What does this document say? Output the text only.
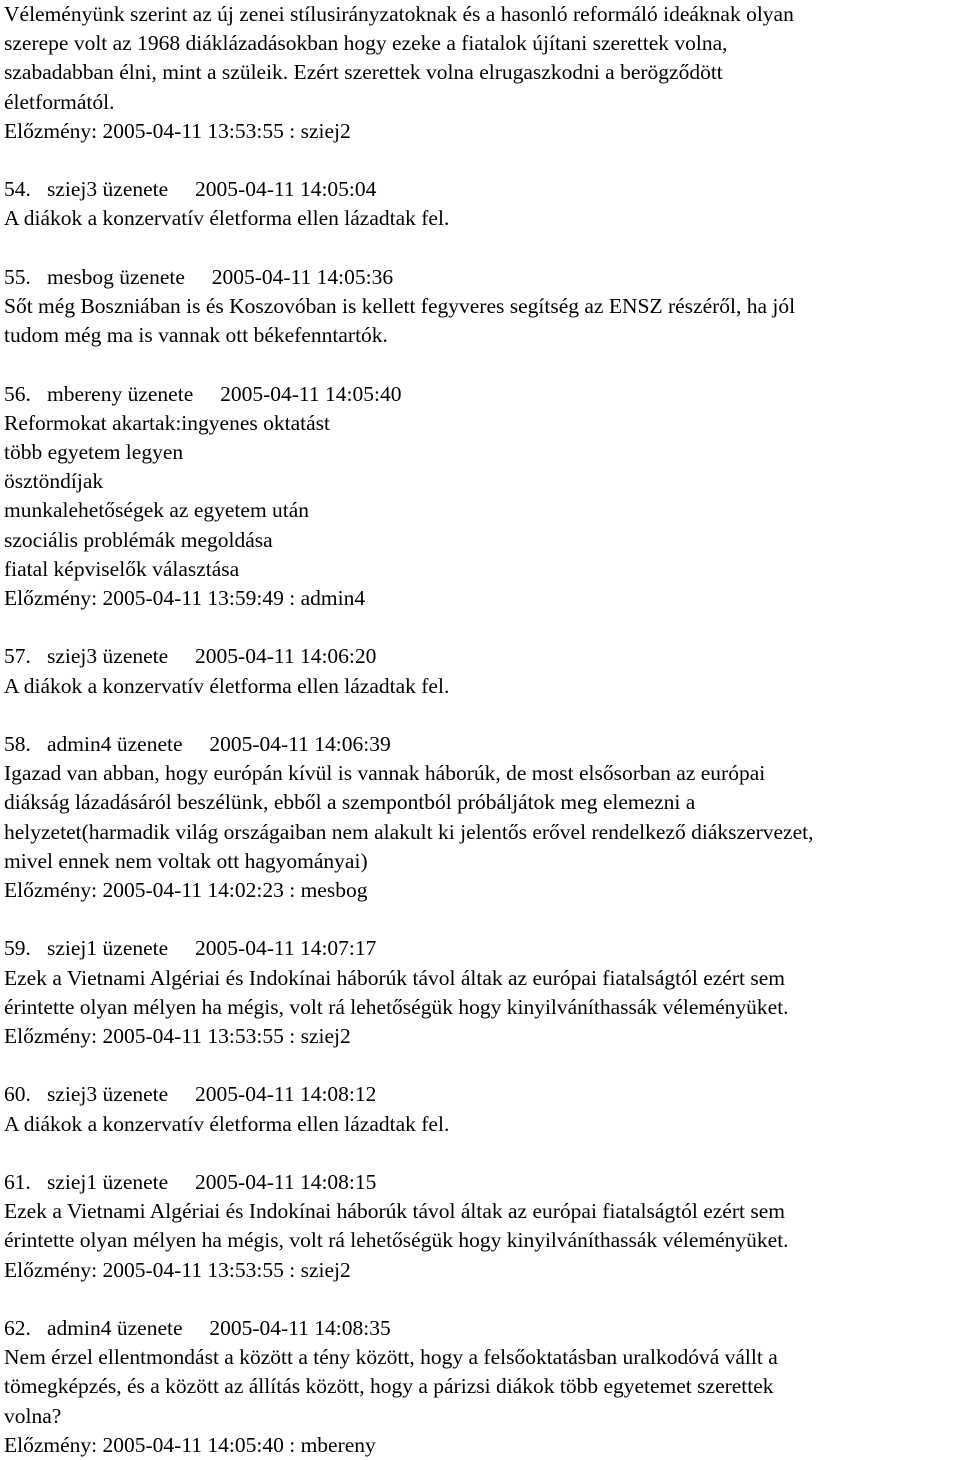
Véleményünk szerint az új zenei stílusirányzatoknak és a hasonló reformáló ideáknak olyan
szerepe volt az 1968 diáklázadásokban hogy ezeke a fiatalok újítani szerettek volna,
szabadabban élni, mint a szüleik. Ezért szerettek volna elrugaszkodni a berögződött
életformától.
Előzmény: 2005-04-11 13:53:55 : sziej2
54.   sziej3 üzenete     2005-04-11 14:05:04
A diákok a konzervatív életforma ellen lázadtak fel.
55.   mesbog üzenete     2005-04-11 14:05:36
Sőt még Boszniában is és Koszovóban is kellett fegyveres segítség az ENSZ részéről, ha jól
tudom még ma is vannak ott békefenntartók.
56.   mbereny üzenete     2005-04-11 14:05:40
Reformokat akartak:ingyenes oktatást
több egyetem legyen
ösztöndíjak
munkalehetőségek az egyetem után
szociális problémák megoldása
fiatal képviselők választása
Előzmény: 2005-04-11 13:59:49 : admin4
57.   sziej3 üzenete     2005-04-11 14:06:20
A diákok a konzervatív életforma ellen lázadtak fel.
58.   admin4 üzenete     2005-04-11 14:06:39
Igazad van abban, hogy európán kívül is vannak háborúk, de most elsősorban az európai
diákság lázadásáról beszélünk, ebből a szempontból próbáljátok meg elemezni a
helyzetet(harmadik világ országaiban nem alakult ki jelentős erővel rendelkező diákszervezet,
mivel ennek nem voltak ott hagyományai)
Előzmény: 2005-04-11 14:02:23 : mesbog
59.   sziej1 üzenete     2005-04-11 14:07:17
Ezek a Vietnami Algériai és Indokínai háborúk távol áltak az európai fiatalságtól ezért sem
érintette olyan mélyen ha mégis, volt rá lehetőségük hogy kinyilváníthassák véleményüket.
Előzmény: 2005-04-11 13:53:55 : sziej2
60.   sziej3 üzenete     2005-04-11 14:08:12
A diákok a konzervatív életforma ellen lázadtak fel.
61.   sziej1 üzenete     2005-04-11 14:08:15
Ezek a Vietnami Algériai és Indokínai háborúk távol áltak az európai fiatalságtól ezért sem
érintette olyan mélyen ha mégis, volt rá lehetőségük hogy kinyilváníthassák véleményüket.
Előzmény: 2005-04-11 13:53:55 : sziej2
62.   admin4 üzenete     2005-04-11 14:08:35
Nem érzel ellentmondást a között a tény között, hogy a felsőoktatásban uralkodóvá vállt a
tömegképzés, és a között az állítás között, hogy a párizsi diákok több egyetemet szerettek
volna?
Előzmény: 2005-04-11 14:05:40 : mbereny
